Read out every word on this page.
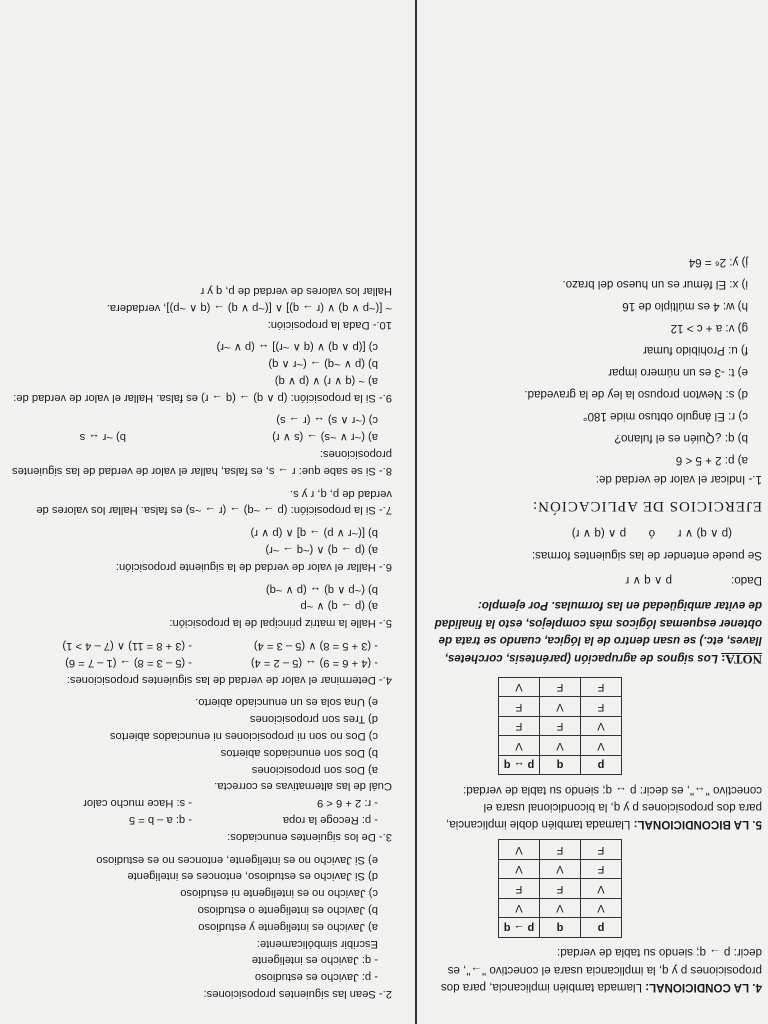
4. LA CONDICIONAL: Llamada también implicancia, para dos proposiciones p y q, la implicancia usara el conectivo "→", es decir: p → q; siendo su tabla de verdad:

p	q	p → q
V	V	V
V	F	F
F	V	V
F	F	V

5. LA BICONDICIONAL: Llamada también doble implicancia, para dos proposiciones p y q, la bicondicional usara el conectivo "↔", es decir: p ↔ q; siendo su tabla de verdad:

p	q	p ↔ q
V	V	V
V	F	F
F	V	F
F	F	V

NOTA: Los signos de agrupación (paréntesis, corchetes, llaves, etc.) se usan dentro de la lógica, cuando se trata de obtener esquemas lógicos más complejos, esto la finalidad de evitar ambigüedad en las formulas. Por ejemplo:

Dado:
p ∧ q ∨ r

Se puede entender de las siguientes formas:

(p ∧ q) ∨ r       ó       p ∧ (q ∨ r)

EJERCICIOS DE APLICACIÓN:

1.- Indicar el valor de verdad de:

a) p: 2 + 5 < 6
b) q: ¿Quién es el fulano?
c) r: El ángulo obtuso mide 180°
d) s: Newton propuso la ley de la gravedad.
e) t: -3 es un número impar
f) u: Prohibido fumar
g) v: a + c > 12
h) w: 4 es múltiplo de 16
i) x: El fémur es un hueso del brazo.
j) y: 2⁶ = 64

2.- Sean las siguientes proposiciones:

- p: Javicho es estudioso

- q: Javicho es inteligente

Escribir simbólicamente:

a) Javicho es inteligente y estudioso
b) Javicho es inteligente o estudioso
c) Javicho no es inteligente ni estudioso
d) Si Javicho es estudioso, entonces es inteligente
e) Si Javicho no es inteligente, entonces no es estudioso

3.- De los siguientes enunciados:

- p: Recoge la ropa
- q: a – b = 5

- r: 2 + 6 < 9
- s: Hace mucho calor

Cuál de las alternativas es correcta.

a) Dos son proposiciones
b) Dos son enunciados abiertos
c) Dos no son ni proposiciones ni enunciados abiertos
d) Tres son proposiciones
e) Una sola es un enunciado abierto.

4.- Determinar el valor de verdad de las siguientes proposiciones:

- (4 + 6 = 9) ↔ (5 – 2 = 4)
- (5 – 3 = 8) → (1 – 7 = 6)

- (3 + 5 = 8) ∨ (5 – 3 = 4)
- (3 + 8 = 11) ∧ (7 – 4 > 1)

5.- Halle la matriz principal de la proposición:

a) (p → q) ∨ ~p
b) (~p ∧ q) ↔ (p ∨ ~q)

6.- Hallar el valor de verdad de la siguiente proposición:

a) (p → q) ∧ (~q → ~r)
b) [(~r ∨ p) → q] ∧ (p ∨ r)

7.- Si la proposición: (p → ~q) → (r → ~s) es falsa. Hallar los valores de verdad de p, q, r y s.

8.- Si se sabe que: r → s, es falsa, hallar el valor de verdad de las siguientes proposiciones:

a) (~r ∨ ~s) → (s ∨ r)
b) ~r ↔ s

c) (~r ∧ s) ↔ (r → s)

9.- Si la proposición: (p ∧ q) → (q → r) es falsa. Hallar el valor de verdad de:

a) ~ (q ∨ r) ∨ (p ∨ q)
b) (p ∨ ~q) → (~r ∧ q)
c) [(p ∧ q) ∨ (q ∧ ~r)] ↔ (p ∨ ~r)

10.- Dada la proposición:

~ [(~p ∨ q) ∨ (r → q)] ∧ [(~p ∨ q) → (q ∧ ~p)], verdadera.

Hallar los valores de verdad de p, q y r
